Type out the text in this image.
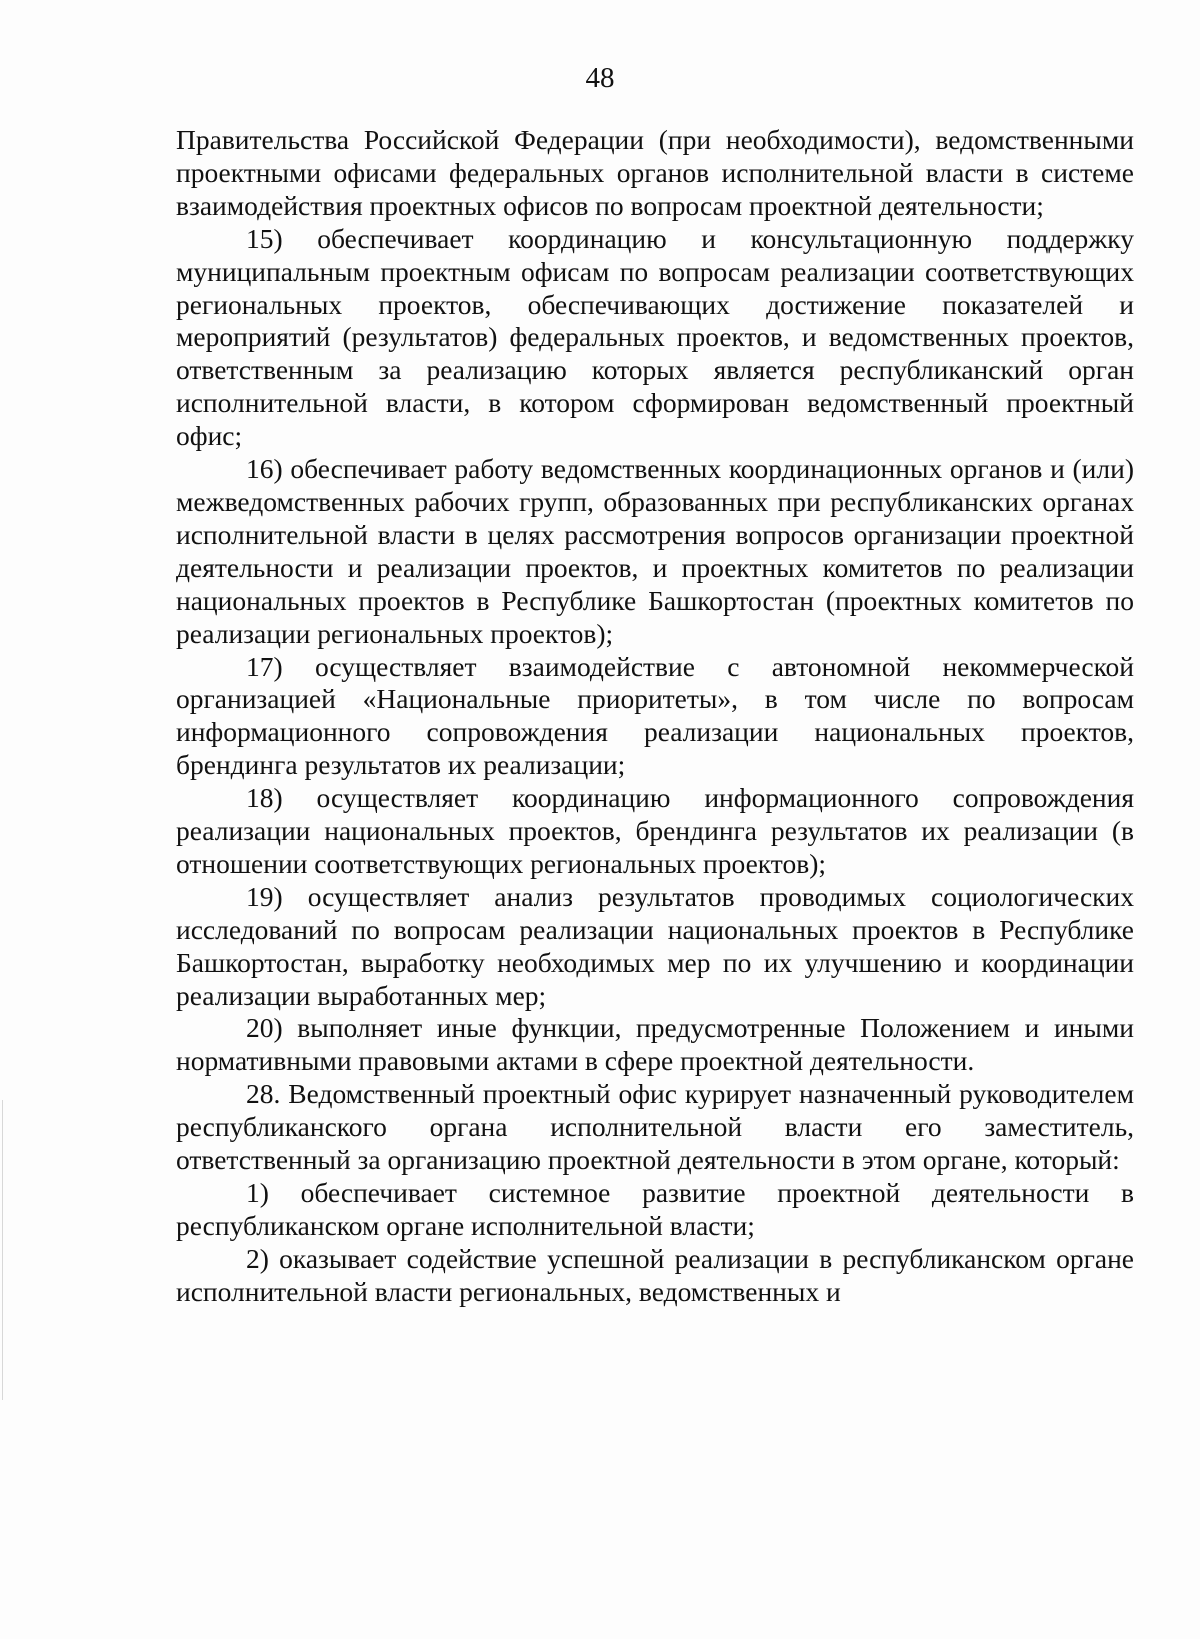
48

Правительства Российской Федерации (при необходимости), ведомственными проектными офисами федеральных органов исполнительной власти в системе взаимодействия проектных офисов по вопросам проектной деятельности;

15) обеспечивает координацию и консультационную поддержку муниципальным проектным офисам по вопросам реализации соответствующих региональных проектов, обеспечивающих достижение показателей и мероприятий (результатов) федеральных проектов, и ведомственных проектов, ответственным за реализацию которых является республиканский орган исполнительной власти, в котором сформирован ведомственный проектный офис;

16) обеспечивает работу ведомственных координационных органов и (или) межведомственных рабочих групп, образованных при республиканских органах исполнительной власти в целях рассмотрения вопросов организации проектной деятельности и реализации проектов, и проектных комитетов по реализации национальных проектов в Республике Башкортостан (проектных комитетов по реализации региональных проектов);

17) осуществляет взаимодействие с автономной некоммерческой организацией «Национальные приоритеты», в том числе по вопросам информационного сопровождения реализации национальных проектов, брендинга результатов их реализации;

18) осуществляет координацию информационного сопровождения реализации национальных проектов, брендинга результатов их реализации (в отношении соответствующих региональных проектов);

19) осуществляет анализ результатов проводимых социологических исследований по вопросам реализации национальных проектов в Республике Башкортостан, выработку необходимых мер по их улучшению и координации реализации выработанных мер;

20) выполняет иные функции, предусмотренные Положением и иными нормативными правовыми актами в сфере проектной деятельности.

28. Ведомственный проектный офис курирует назначенный руководителем республиканского органа исполнительной власти его заместитель, ответственный за организацию проектной деятельности в этом органе, который:

1) обеспечивает системное развитие проектной деятельности в республиканском органе исполнительной власти;

2) оказывает содействие успешной реализации в республиканском органе исполнительной власти региональных, ведомственных и
